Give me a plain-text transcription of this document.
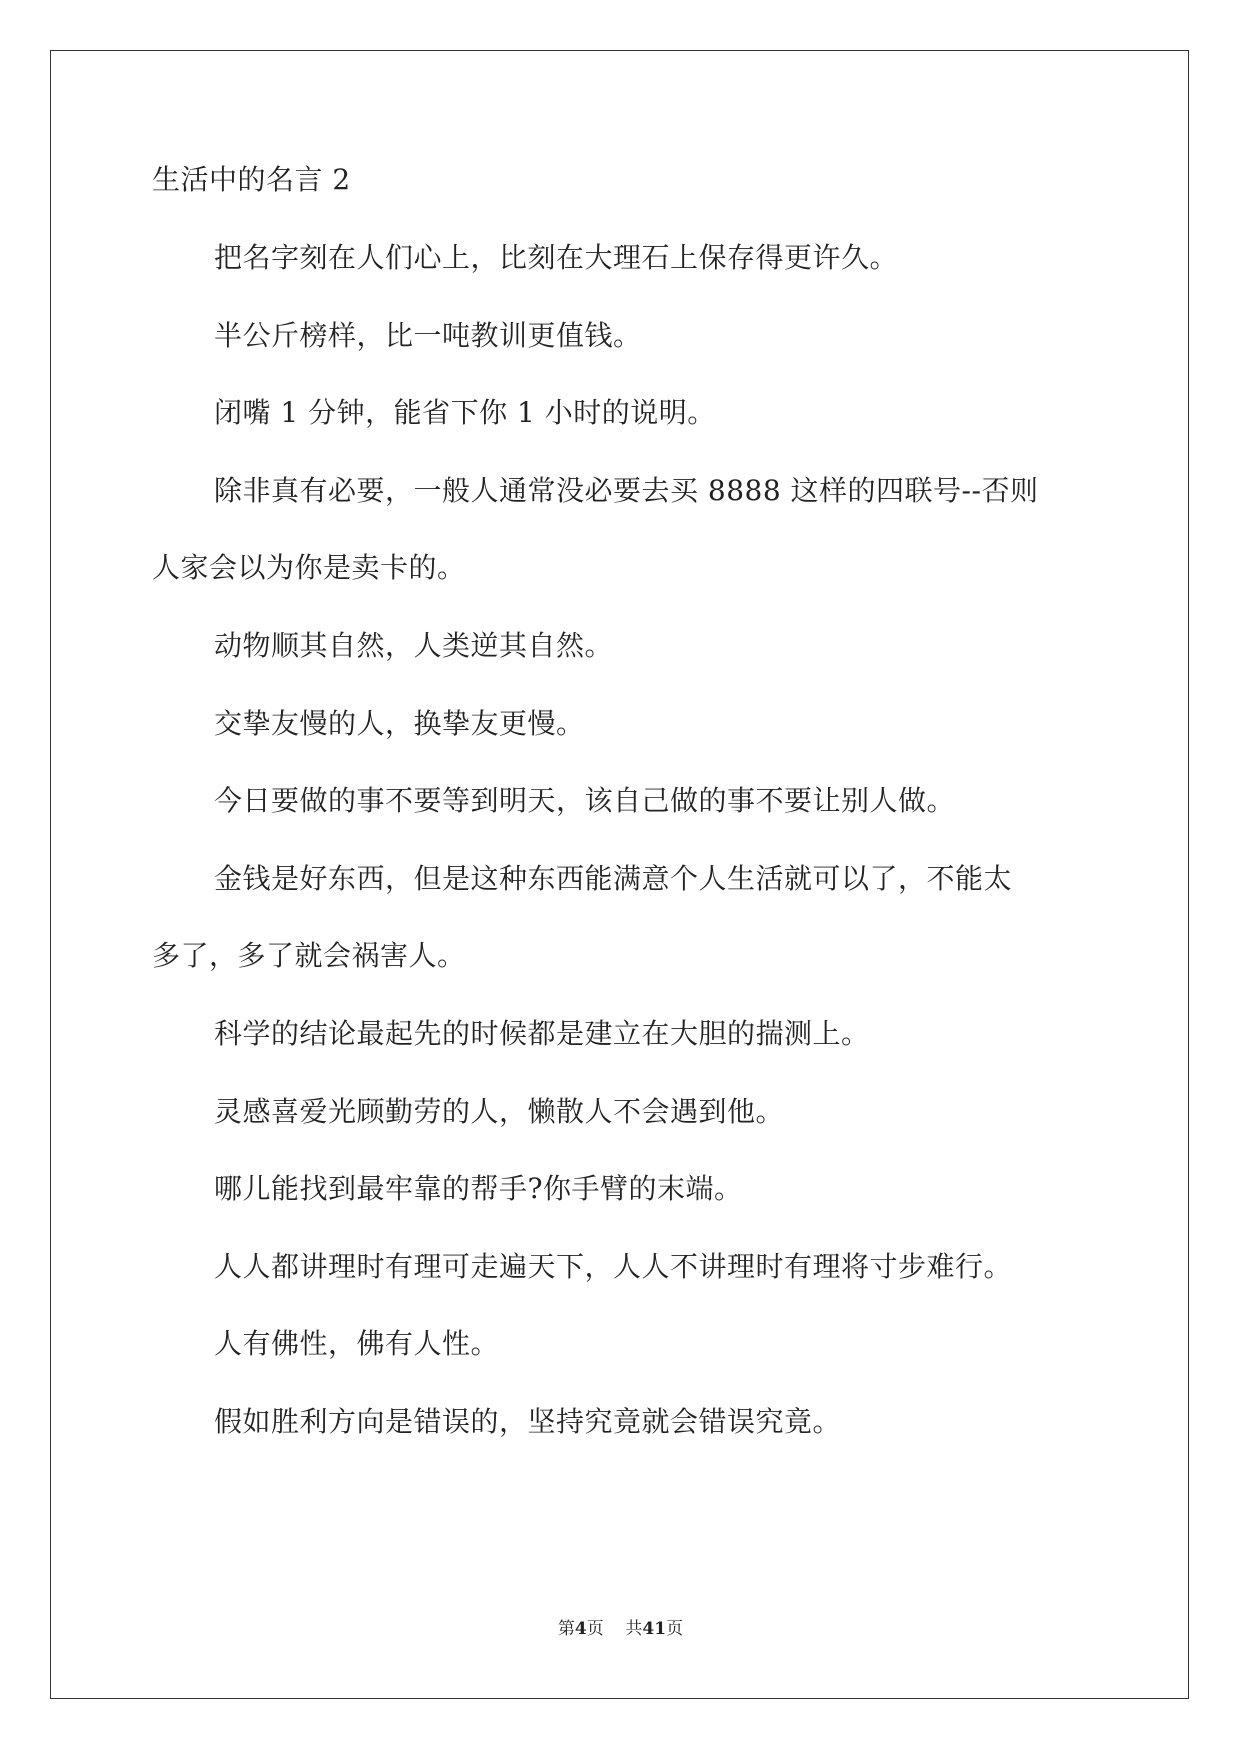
生活中的名言 2
把名字刻在人们心上，比刻在大理石上保存得更许久。
半公斤榜样，比一吨教训更值钱。
闭嘴 1 分钟，能省下你 1 小时的说明。
除非真有必要，一般人通常没必要去买 8888 这样的四联号--否则
人家会以为你是卖卡的。
动物顺其自然，人类逆其自然。
交挚友慢的人，换挚友更慢。
今日要做的事不要等到明天，该自己做的事不要让别人做。
金钱是好东西，但是这种东西能满意个人生活就可以了，不能太
多了，多了就会祸害人。
科学的结论最起先的时候都是建立在大胆的揣测上。
灵感喜爱光顾勤劳的人，懒散人不会遇到他。
哪儿能找到最牢靠的帮手?你手臂的末端。
人人都讲理时有理可走遍天下，人人不讲理时有理将寸步难行。
人有佛性，佛有人性。
假如胜利方向是错误的，坚持究竟就会错误究竟。
第4页 共41页
